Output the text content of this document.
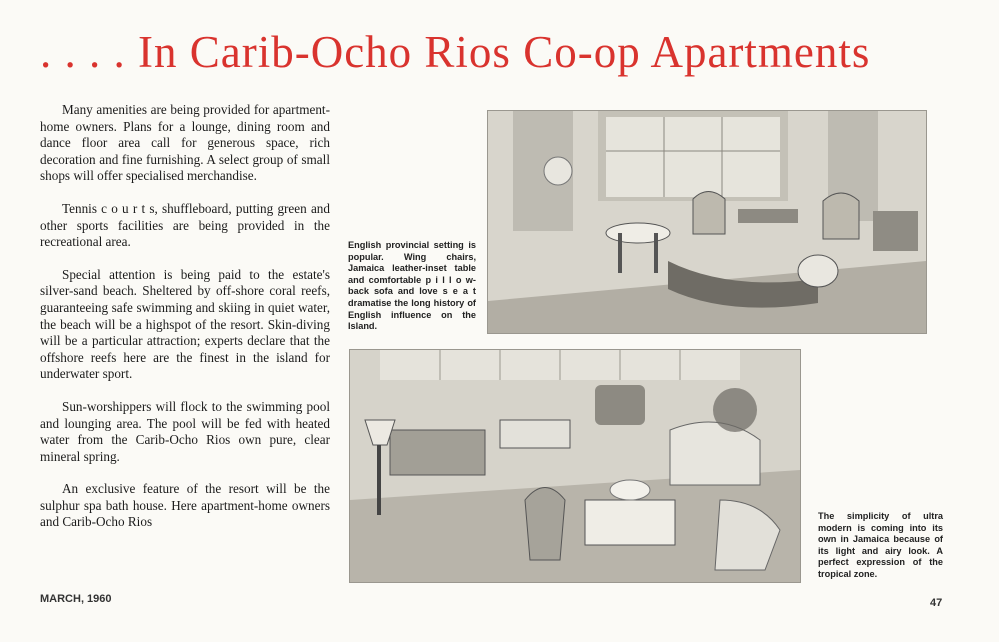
. . . . In Carib-Ocho Rios Co-op Apartments

Many amenities are being provided for apartment-home owners. Plans for a lounge, dining room and dance floor area call for generous space, rich decoration and fine furnishing. A select group of small shops will offer specialised merchandise.

Tennis c o u r t s, shuffleboard, putting green and other sports facilities are being provided in the recreational area.

Special attention is being paid to the estate's silver-sand beach. Sheltered by off-shore coral reefs, guaranteeing safe swimming and skiing in quiet water, the beach will be a highspot of the resort. Skin-diving will be a particular attraction; experts declare that the offshore reefs here are the finest in the island for underwater sport.

Sun-worshippers will flock to the swimming pool and lounging area. The pool will be fed with heated water from the Carib-Ocho Rios own pure, clear mineral spring.

An exclusive feature of the resort will be the sulphur spa bath house. Here apartment-home owners and Carib-Ocho Rios

English provincial setting is popular. Wing chairs, Jamaica leather-inset table and comfortable p i l l o w-back sofa and love s e a t dramatise the long history of English influence on the Island.
The simplicity of ultra modern is coming into its own in Jamaica because of its light and airy look. A perfect expression of the tropical zone.
MARCH, 1960	47
